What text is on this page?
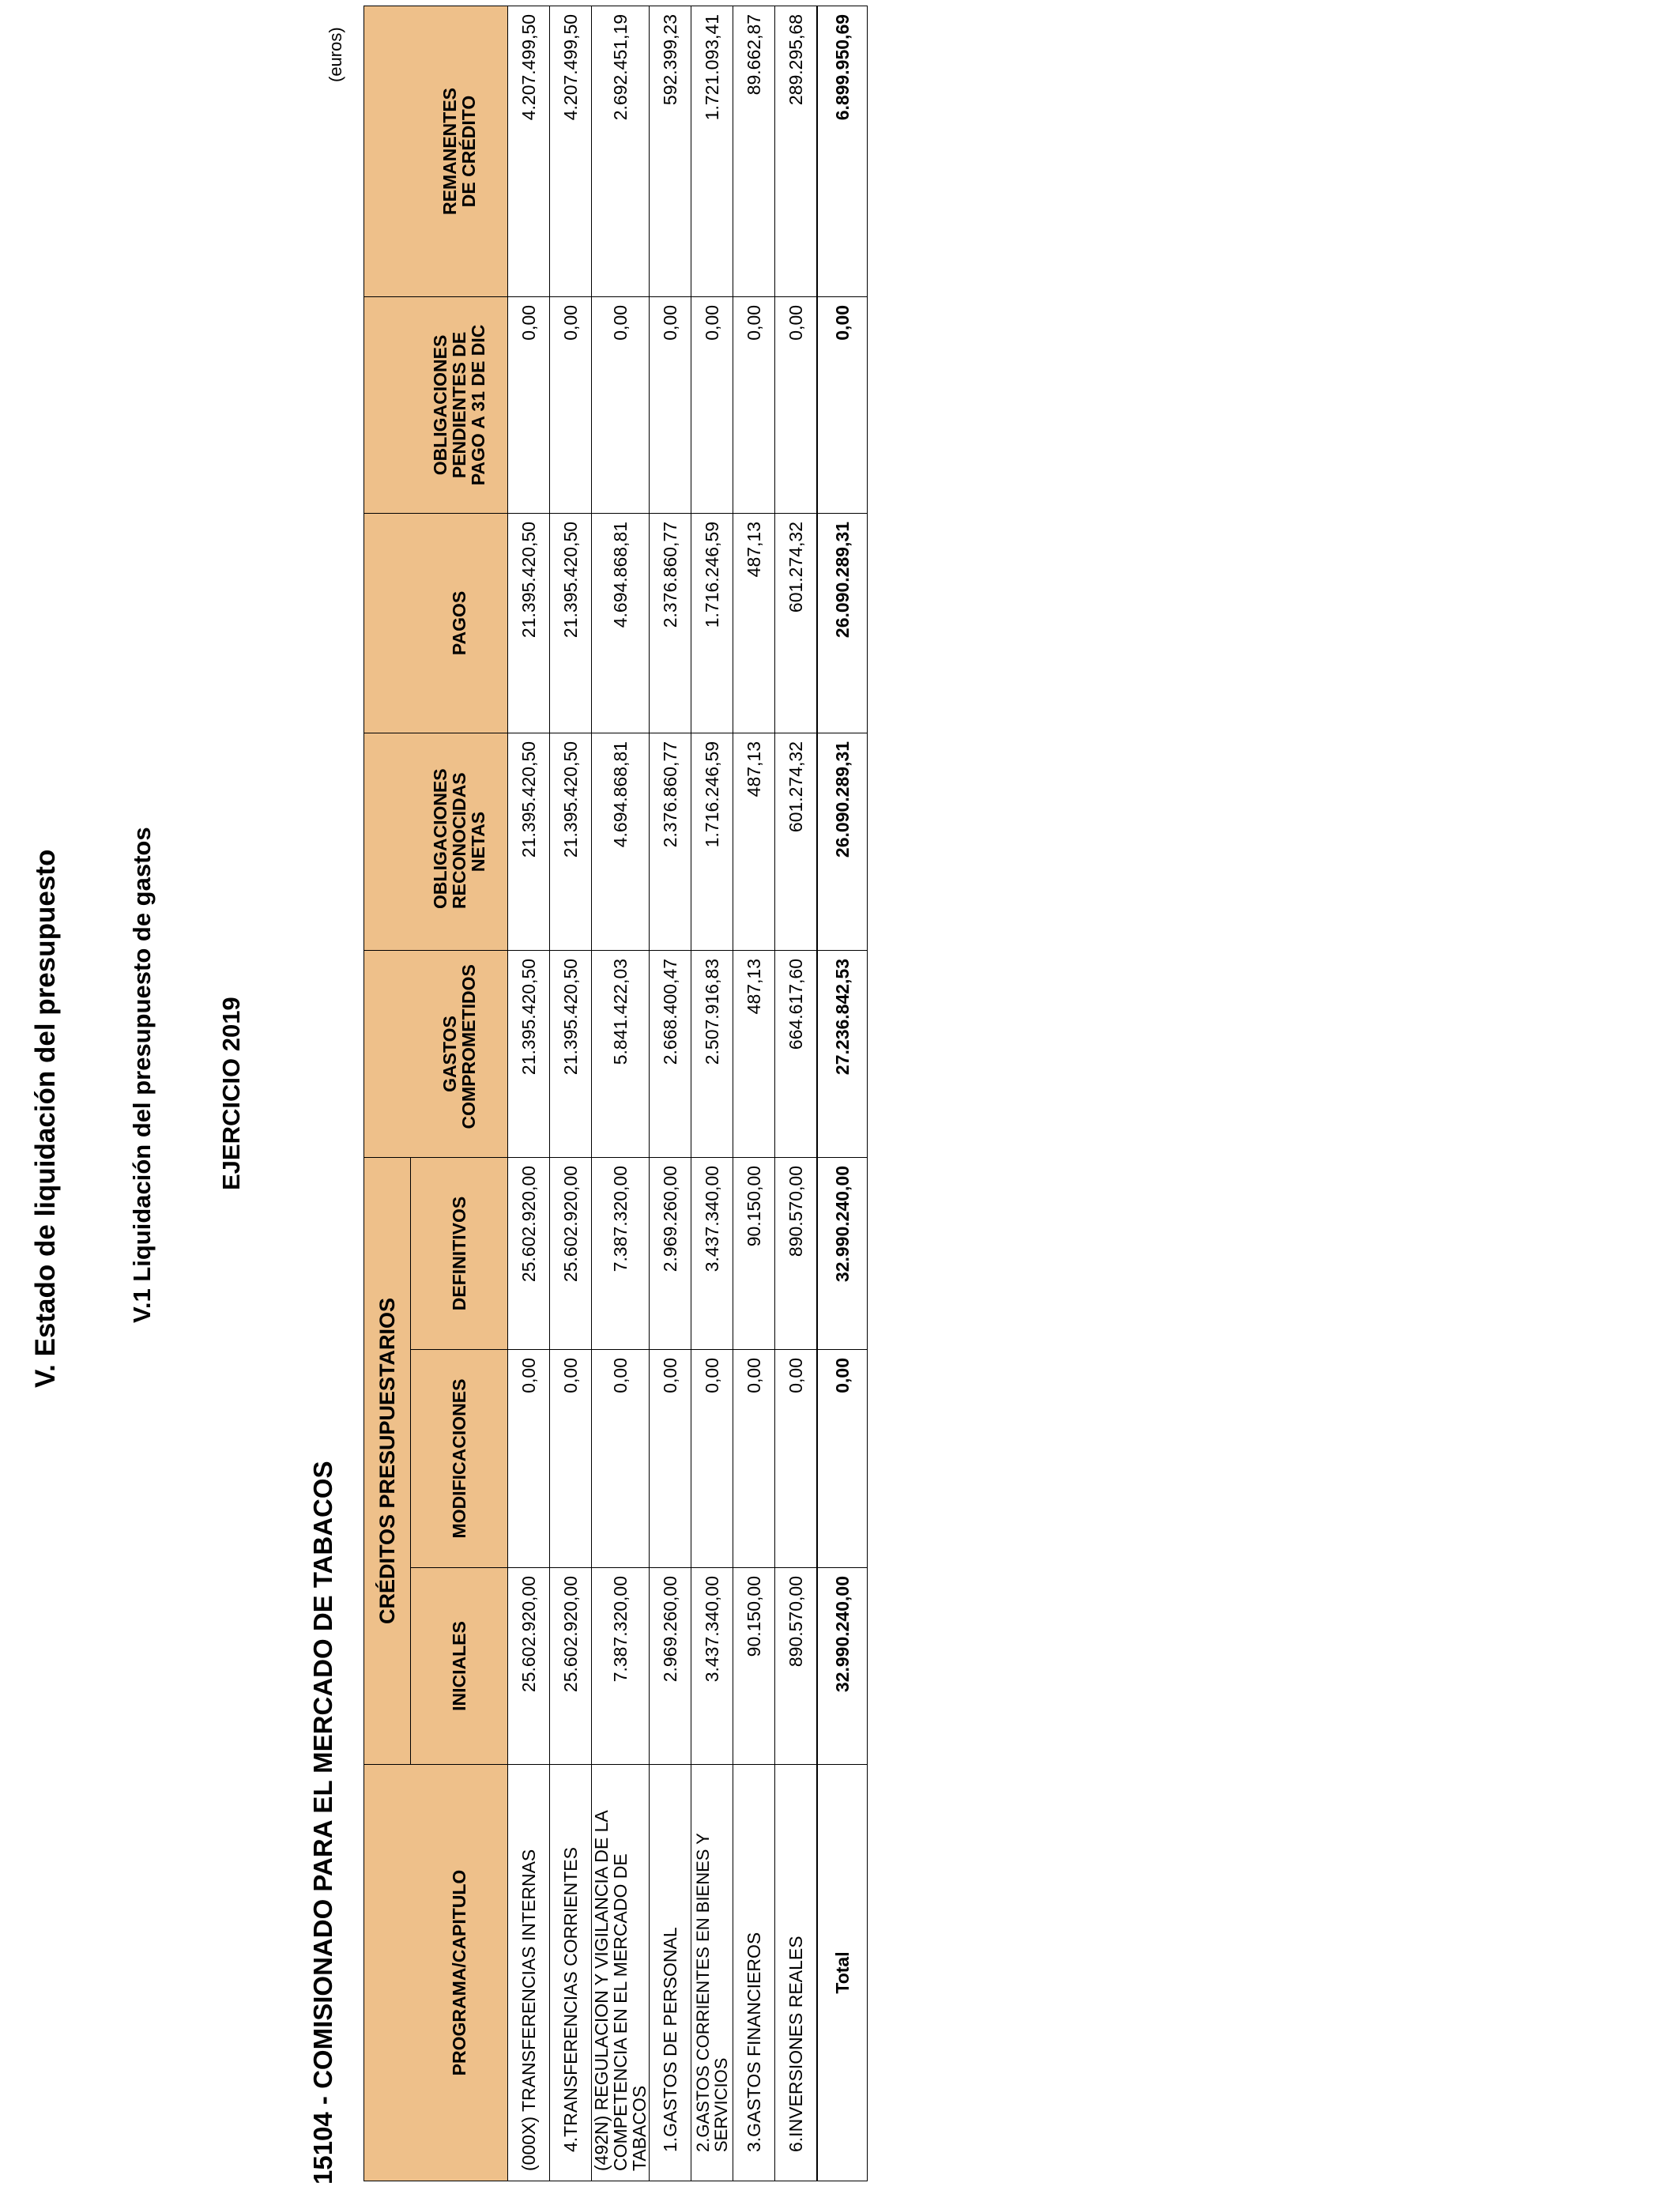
V. Estado de liquidación del presupuesto	V.1 Liquidación del presupuesto de gastos	EJERCICIO 2019
15104 - COMISIONADO PARA EL MERCADO DE TABACOS
(euros)
	CRÉDITOS PRESUPUESTARIOS							
PROGRAMA/CAPITULO	INICIALES	MODIFICACIONES	DEFINITIVOS	GASTOS COMPROMETIDOS	OBLIGACIONES RECONOCIDAS NETAS	PAGOS	OBLIGACIONES PENDIENTES DE PAGO A 31 DE DIC	REMANENTES DE CRÉDITO

(000X) TRANSFERENCIAS INTERNAS	25.602.920,00	0,00	25.602.920,00	21.395.420,50	21.395.420,50	21.395.420,50	0,00	4.207.499,50
4.TRANSFERENCIAS CORRIENTES	25.602.920,00	0,00	25.602.920,00	21.395.420,50	21.395.420,50	21.395.420,50	0,00	4.207.499,50

(492N) REGULACION Y VIGILANCIA DE LA
COMPETENCIA EN EL MERCADO DE TABACOS	7.387.320,00	0,00	7.387.320,00	5.841.422,03	4.694.868,81	4.694.868,81	0,00	2.692.451,19
1.GASTOS DE PERSONAL	2.969.260,00	0,00	2.969.260,00	2.668.400,47	2.376.860,77	2.376.860,77	0,00	592.399,23
2.GASTOS CORRIENTES EN BIENES Y SERVICIOS	3.437.340,00	0,00	3.437.340,00	2.507.916,83	1.716.246,59	1.716.246,59	0,00	1.721.093,41
3.GASTOS FINANCIEROS	90.150,00	0,00	90.150,00	487,13	487,13	487,13	0,00	89.662,87
6.INVERSIONES REALES	890.570,00	0,00	890.570,00	664.617,60	601.274,32	601.274,32	0,00	289.295,68
Total	32.990.240,00	0,00	32.990.240,00	27.236.842,53	26.090.289,31	26.090.289,31	0,00	6.899.950,69
